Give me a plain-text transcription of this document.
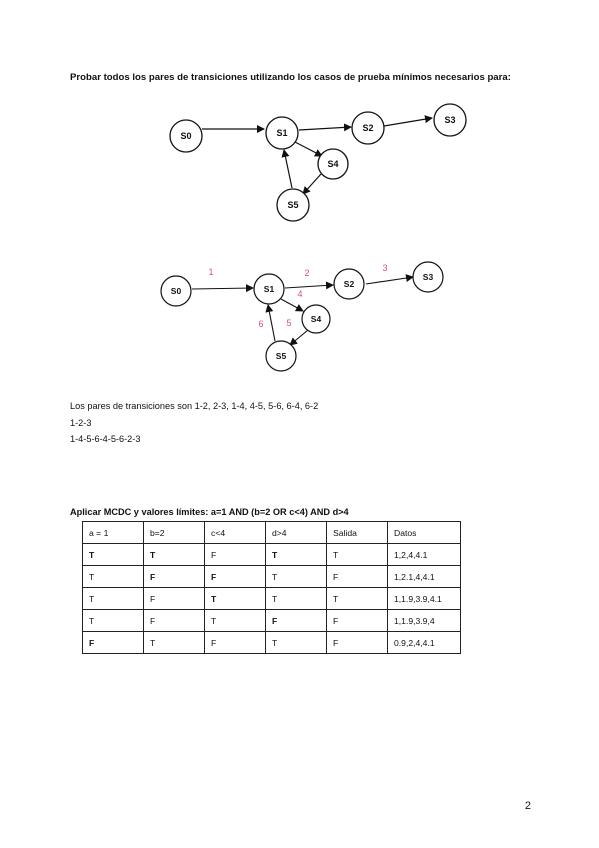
Probar todos los pares de transiciones utilizando los casos de prueba mínimos necesarios para:
S0	S1	S2
S3
S4
S5
S0	S1	S2
S3
S4
S5
1	2	3
4
5
6
Los pares de transiciones son 1-2, 2-3, 1-4, 4-5, 5-6, 6-4, 6-2
1-2-3
1-4-5-6-4-5-6-2-3
Aplicar MCDC y valores límites: a=1 AND (b=2 OR c<4) AND d>4
a = 1	b=2	c<4	d>4	Salida	Datos
T	T	F	T	T	1,2,4,4.1
T	F	F	T	F	1,2.1,4,4.1
T	F	T	T	T	1,1.9,3.9,4.1
T	F	T	F	F	1,1.9,3.9,4
F	T	F	T	F	0.9,2,4,4.1
2
